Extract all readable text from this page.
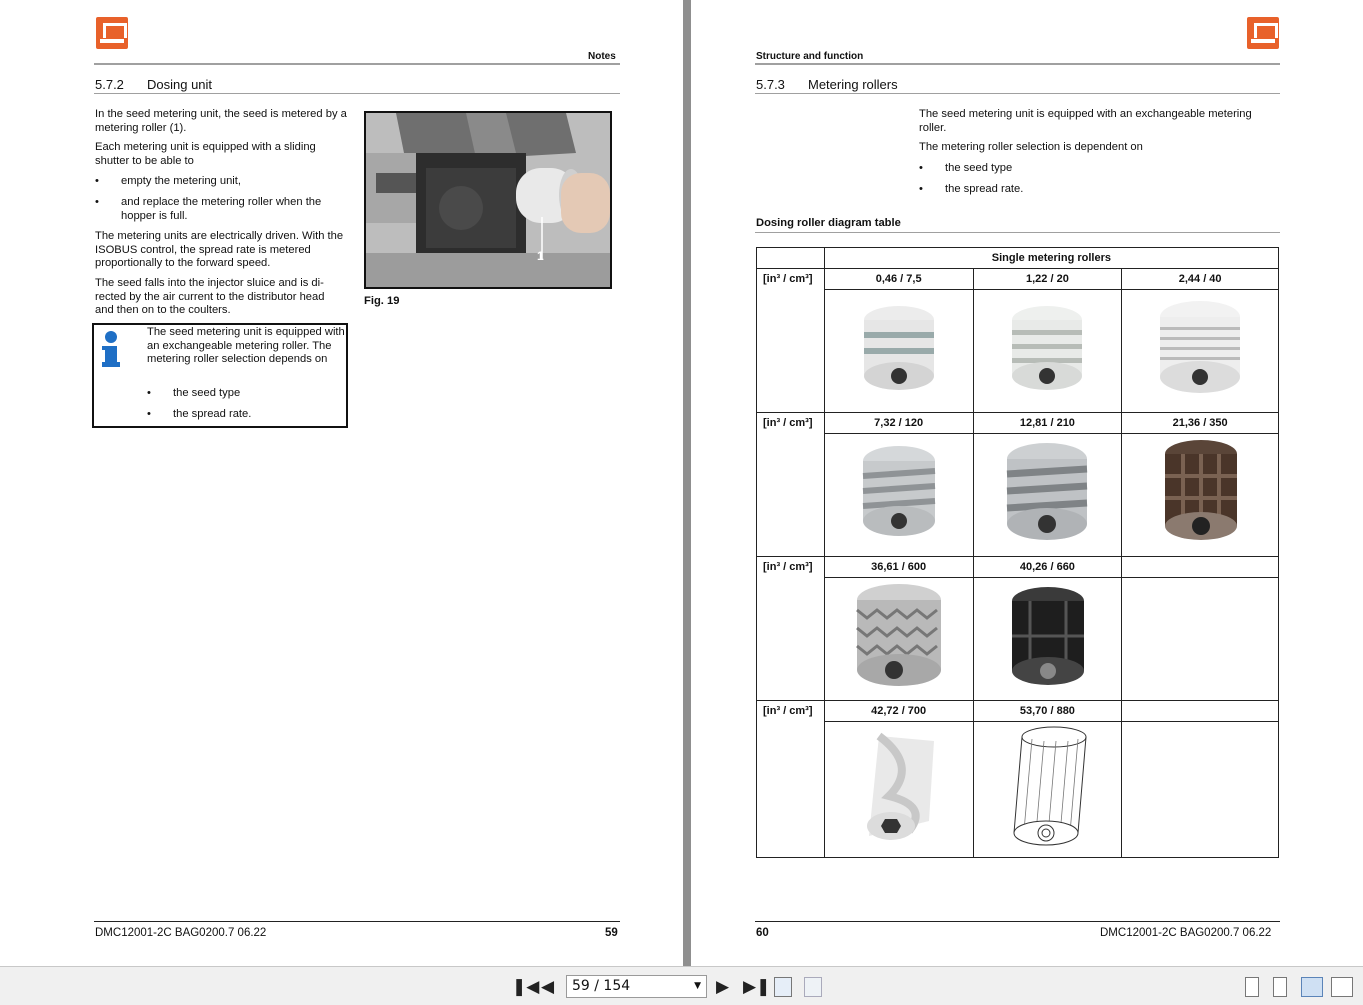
Notes
5.7.2 Dosing unit
In the seed metering unit, the seed is metered by a metering roller (1).
Each metering unit is equipped with a sliding shutter to be able to
• empty the metering unit,
• and replace the metering roller when the hopper is full.
The metering units are electrically driven. With the ISOBUS control, the spread rate is metered proportionally to the forward speed.
The seed falls into the injector sluice and is di-rected by the air current to the distributor head and then on to the coulters.
The seed metering unit is equipped with an exchangeable metering roller. The metering roller selection depends on
• the seed type
• the spread rate.
1
Fig. 19
DMC12001-2C BAG0200.7 06.22	59
Structure and function
5.7.3 Metering rollers
The seed metering unit is equipped with an exchangeable metering roller.
The metering roller selection is dependent on
• the seed type
• the spread rate.
Dosing roller diagram table
	Single metering rollers		
[in³ / cm³]	0,46 / 7,5	1,22 / 20	2,44 / 40

[in³ / cm³]	7,32 / 120	12,81 / 210	21,36 / 350

[in³ / cm³]	36,61 / 600	40,26 / 660	

[in³ / cm³]	42,72 / 700	53,70 / 880	

60	DMC12001-2C BAG0200.7 06.22
❚◀ ◀	59 / 154	▼ ▶ ▶❚
